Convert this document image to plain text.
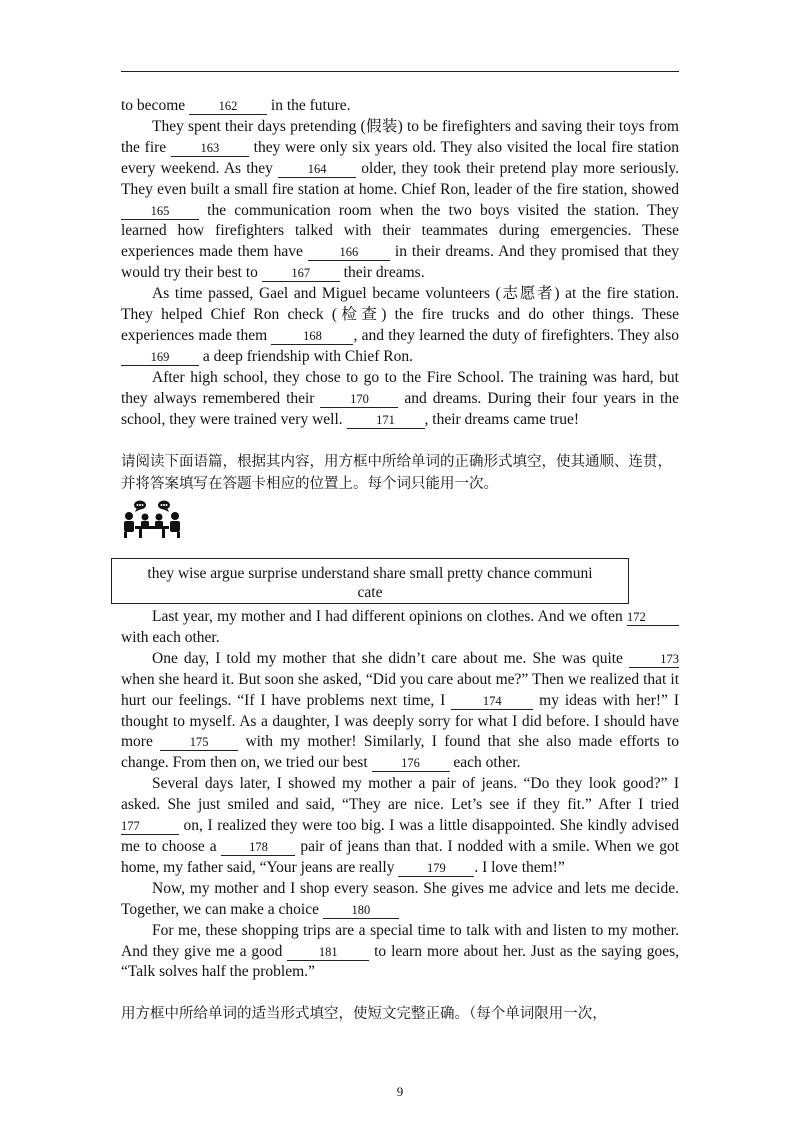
to become 162 in the future.

They spent their days pretending (假装) to be firefighters and saving their toys from the fire 163 they were only six years old. They also visited the local fire station every weekend. As they 164 older, they took their pretend play more seriously. They even built a small fire station at home. Chief Ron, leader of the fire station, showed 165 the communication room when the two boys visited the station. They learned how firefighters talked with their teammates during emergencies. These experiences made them have	166 in their dreams. And they promised that they would try their best to 167 their dreams.

As time passed, Gael and Miguel became volunteers (志愿者) at the fire station. They helped Chief Ron check (检查) the fire trucks and do other things. These experiences made them	168 , and they learned the duty of firefighters. They also 169 a deep friendship with Chief Ron.

After high school, they chose to go to the Fire School. The training was hard, but they always remembered their 170 and dreams. During their four years in the school, they were trained very well. 171 , their dreams came true!

请阅读下面语篇，根据其内容，用方框中所给单词的正确形式填空，使其通顺、连贯，并将答案填写在答题卡相应的位置上。每个词只能用一次。

they wise argue surprise understand share small pretty chance communi
cate

Last year, my mother and I had different opinions on clothes. And we often 172 with each other.

One day, I told my mother that she didn’t care about me. She was quite	173 when she heard it. But soon she asked, “Did you care about me?” Then we realized that it hurt our feelings. “If I have problems next time, I	174 my ideas with her!” I thought to myself. As a daughter, I was deeply sorry for what I did before. I should have more 175 with my mother! Similarly, I found that she also made efforts to change. From then on, we tried our best 176 each other.

Several days later, I showed my mother a pair of jeans. “Do they look good?” I asked. She just smiled and said, “They are nice. Let’s see if they fit.” After I tried 177	on, I realized they were too big. I was a little disappointed. She kindly advised me to choose a 178 pair of jeans than that. I nodded with a smile. When we got home, my father said, “Your jeans are really 179 . I love them!”

Now, my mother and I shop every season. She gives me advice and lets me decide. Together, we can make a choice 180

For me, these shopping trips are a special time to talk with and listen to my mother. And they give me a good	181 to learn more about her. Just as the saying goes, “Talk solves half the problem.”

用方框中所给单词的适当形式填空，使短文完整正确。（每个单词限用一次，

9
